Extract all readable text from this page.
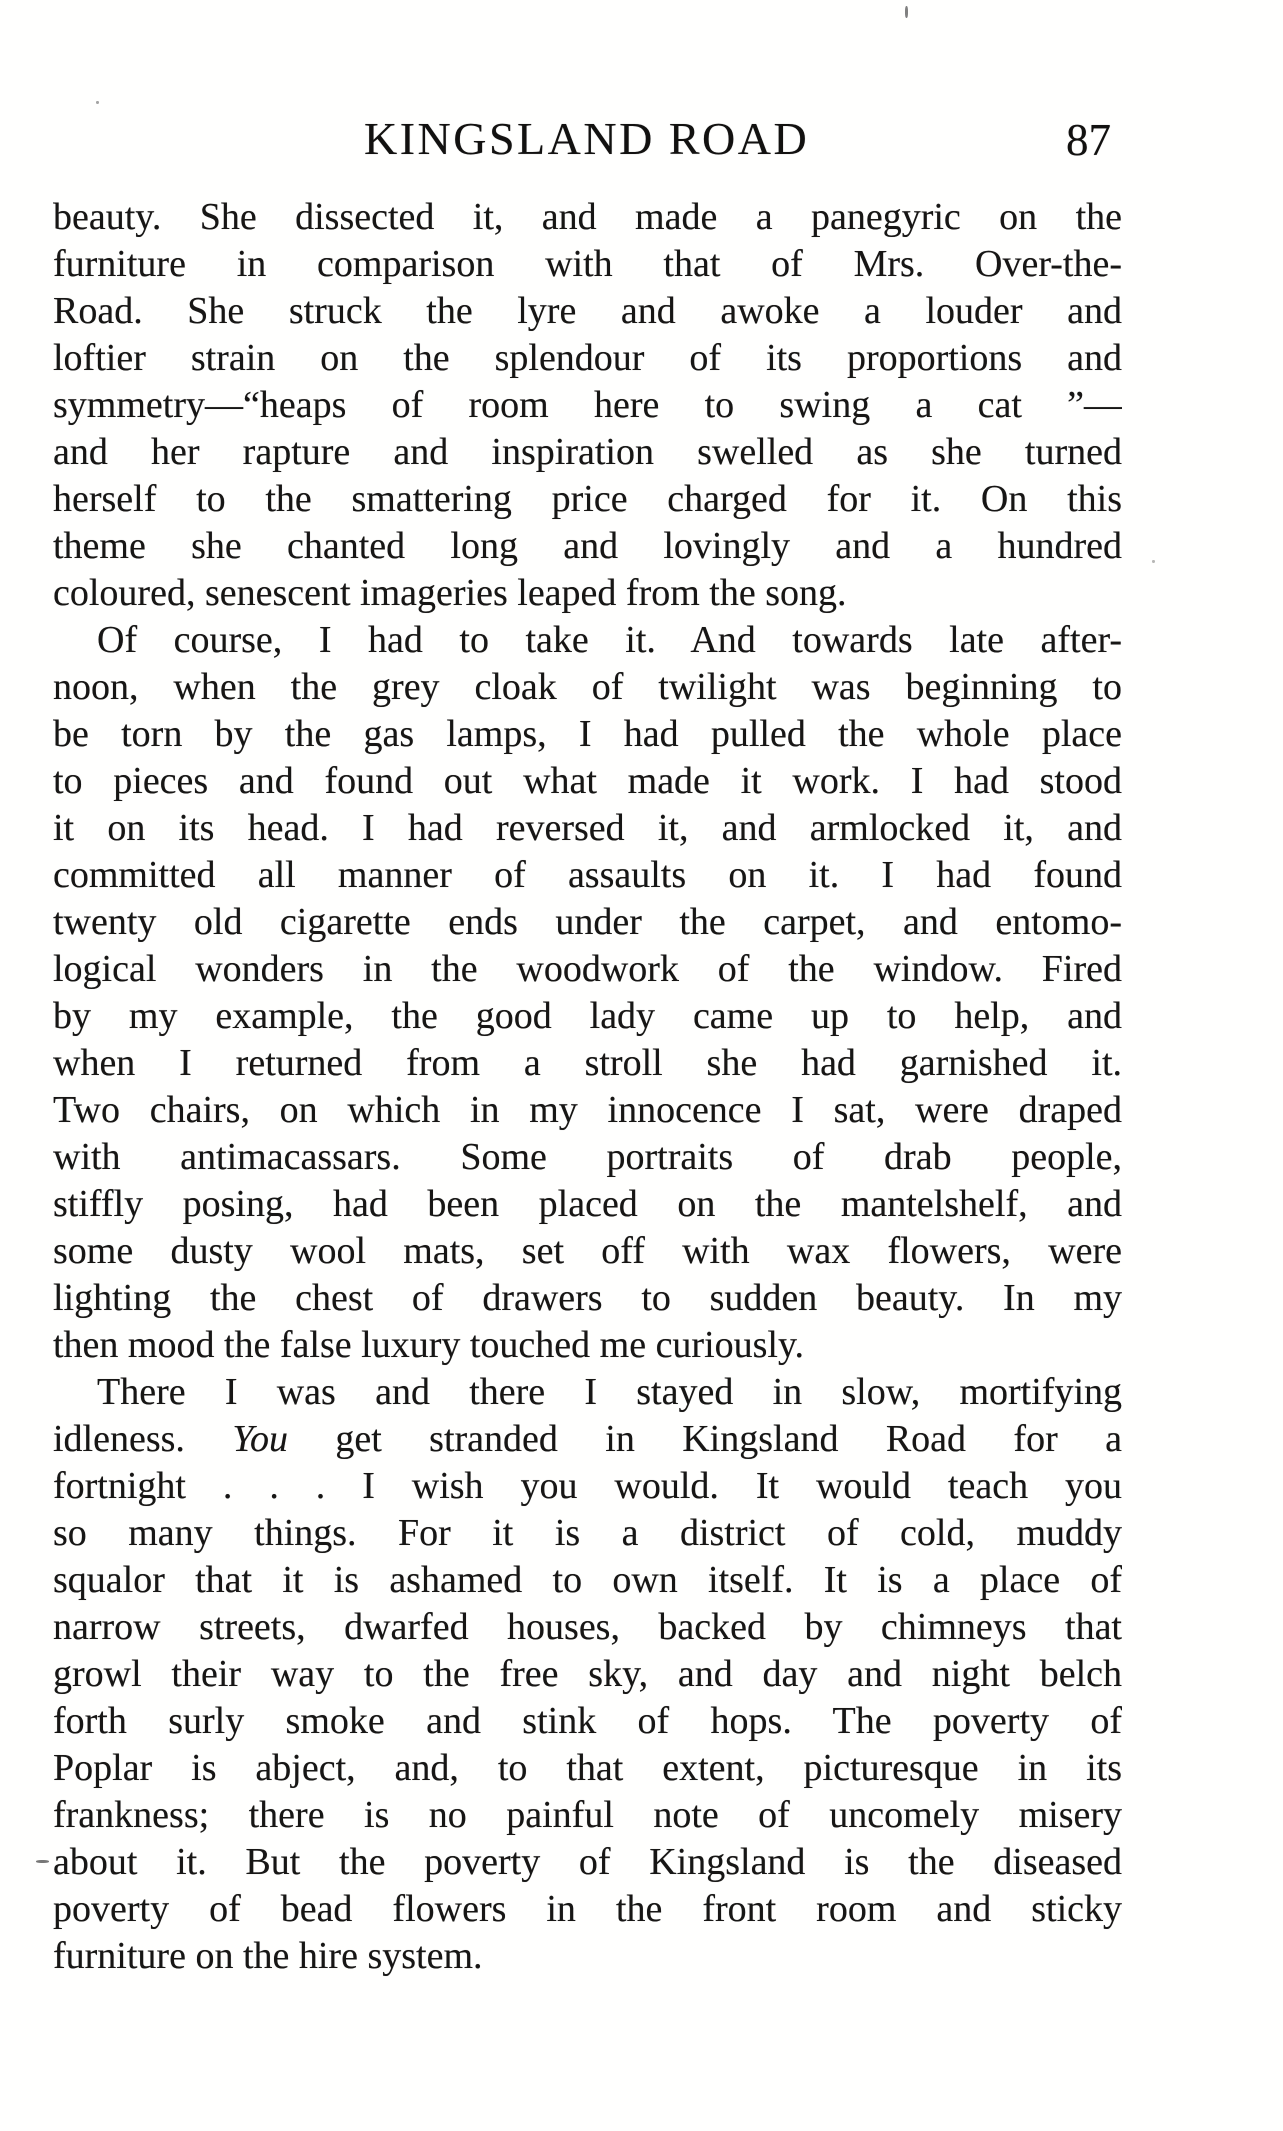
KINGSLAND ROAD	87
beauty. She dissected it, and made a panegyric on the
furniture in comparison with that of Mrs. Over-the-
Road. She struck the lyre and awoke a louder and
loftier strain on the splendour of its proportions and
symmetry—“heaps of room here to swing a cat ”—
and her rapture and inspiration swelled as she turned
herself to the smattering price charged for it. On this
theme she chanted long and lovingly and a hundred
coloured, senescent imageries leaped from the song.
Of course, I had to take it. And towards late after-
noon, when the grey cloak of twilight was beginning to
be torn by the gas lamps, I had pulled the whole place
to pieces and found out what made it work. I had stood
it on its head. I had reversed it, and armlocked it, and
committed all manner of assaults on it. I had found
twenty old cigarette ends under the carpet, and entomo-
logical wonders in the woodwork of the window. Fired
by my example, the good lady came up to help, and
when I returned from a stroll she had garnished it.
Two chairs, on which in my innocence I sat, were draped
with antimacassars. Some portraits of drab people,
stiffly posing, had been placed on the mantelshelf, and
some dusty wool mats, set off with wax flowers, were
lighting the chest of drawers to sudden beauty. In my
then mood the false luxury touched me curiously.
There I was and there I stayed in slow, mortifying
idleness. You get stranded in Kingsland Road for a
fortnight . . . I wish you would. It would teach you
so many things. For it is a district of cold, muddy
squalor that it is ashamed to own itself. It is a place of
narrow streets, dwarfed houses, backed by chimneys that
growl their way to the free sky, and day and night belch
forth surly smoke and stink of hops. The poverty of
Poplar is abject, and, to that extent, picturesque in its
frankness; there is no painful note of uncomely misery
about it. But the poverty of Kingsland is the diseased
poverty of bead flowers in the front room and sticky
furniture on the hire system.
